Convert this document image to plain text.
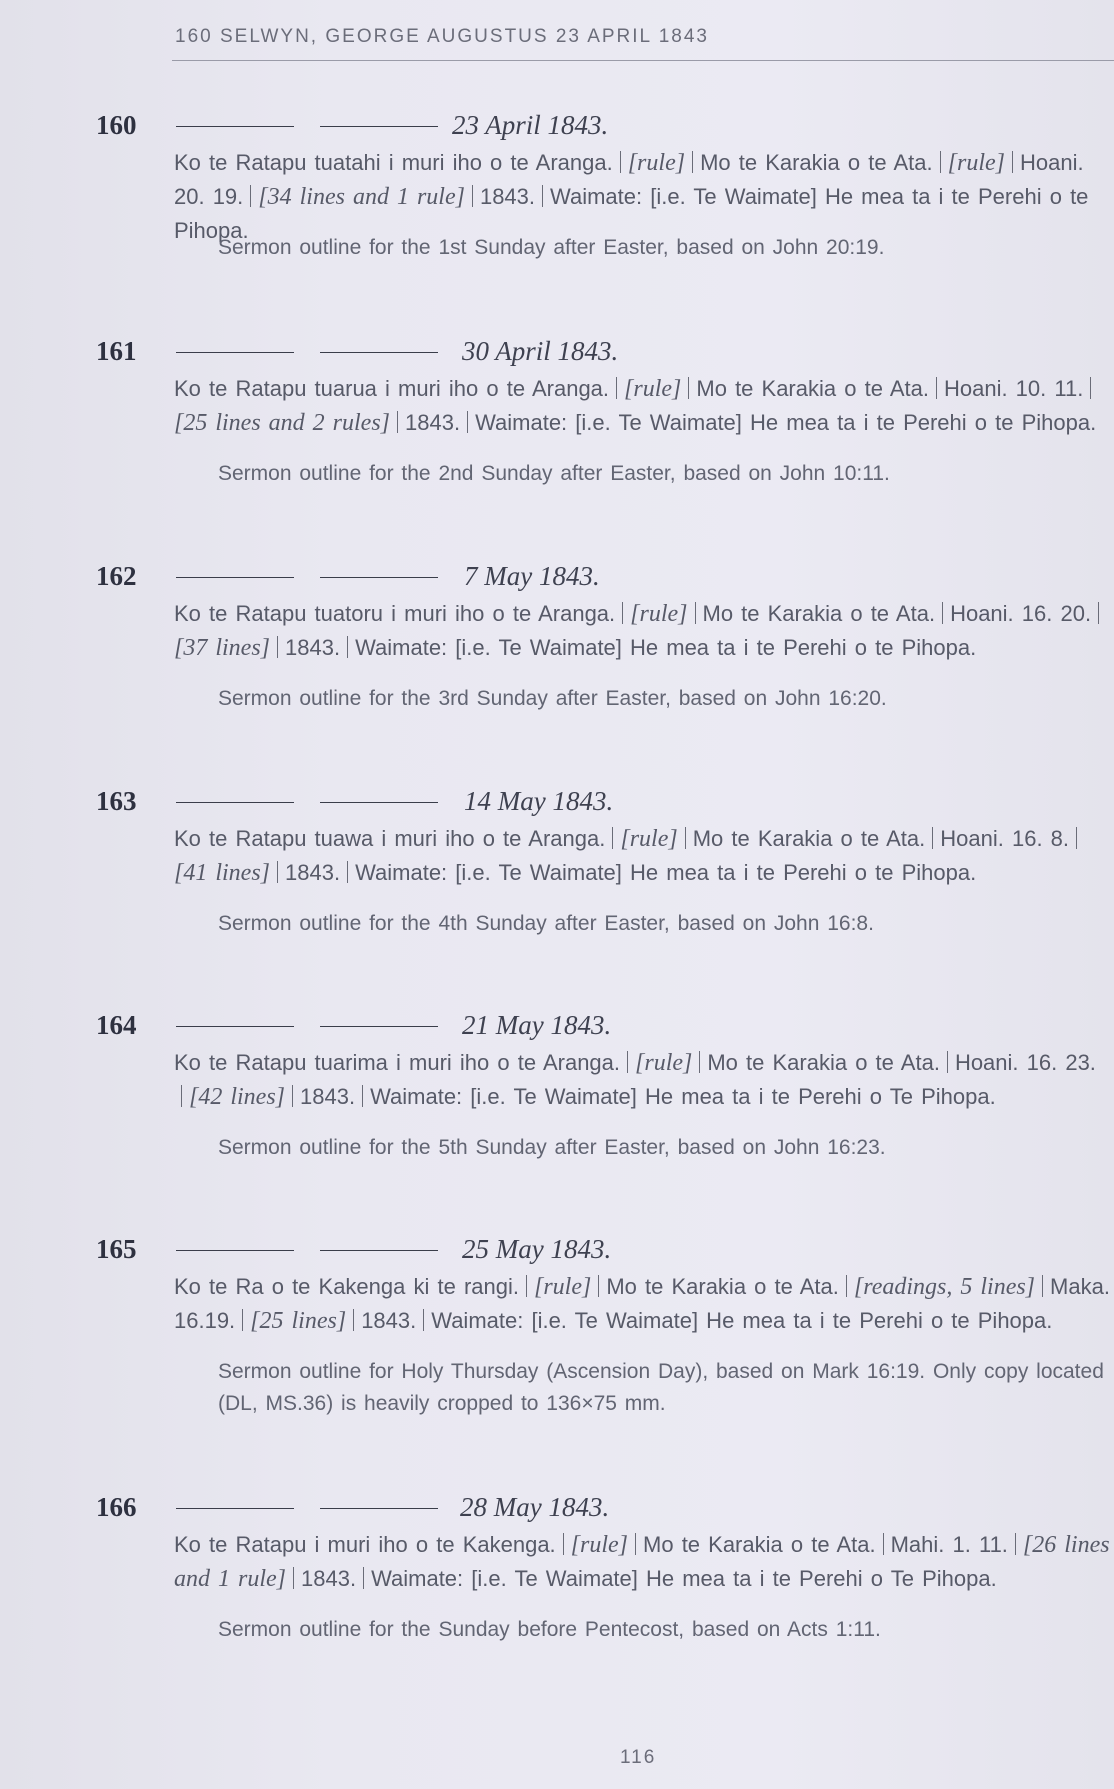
160 SELWYN, GEORGE AUGUSTUS 23 APRIL 1843
160	23 April 1843.
Ko te Ratapu tuatahi i muri iho o te Aranga. [rule] Mo te Karakia o te Ata. [rule] Hoani. 20. 19. [34 lines and 1 rule] 1843. Waimate: [i.e. Te Waimate] He mea ta i te Perehi o te Pihopa.
Sermon outline for the 1st Sunday after Easter, based on John 20:19.
161	30 April 1843.
Ko te Ratapu tuarua i muri iho o te Aranga. [rule] Mo te Karakia o te Ata. Hoani. 10. 11.[25 lines and 2 rules] 1843. Waimate: [i.e. Te Waimate] He mea ta i te Perehi o te Pihopa.
Sermon outline for the 2nd Sunday after Easter, based on John 10:11.
162	7 May 1843.
Ko te Ratapu tuatoru i muri iho o te Aranga. [rule] Mo te Karakia o te Ata. Hoani. 16. 20.[37 lines] 1843. Waimate: [i.e. Te Waimate] He mea ta i te Perehi o te Pihopa.
Sermon outline for the 3rd Sunday after Easter, based on John 16:20.
163	14 May 1843.
Ko te Ratapu tuawa i muri iho o te Aranga. [rule] Mo te Karakia o te Ata. Hoani. 16. 8.[41 lines] 1843. Waimate: [i.e. Te Waimate] He mea ta i te Perehi o te Pihopa.
Sermon outline for the 4th Sunday after Easter, based on John 16:8.
164	21 May 1843.
Ko te Ratapu tuarima i muri iho o te Aranga. [rule] Mo te Karakia o te Ata. Hoani. 16. 23.[42 lines] 1843. Waimate: [i.e. Te Waimate] He mea ta i te Perehi o Te Pihopa.
Sermon outline for the 5th Sunday after Easter, based on John 16:23.
165	25 May 1843.
Ko te Ra o te Kakenga ki te rangi. [rule] Mo te Karakia o te Ata. [readings, 5 lines] Maka. 16.19. [25 lines] 1843. Waimate: [i.e. Te Waimate] He mea ta i te Perehi o te Pihopa.
Sermon outline for Holy Thursday (Ascension Day), based on Mark 16:19. Only copy located (DL, MS.36) is heavily cropped to 136×75 mm.
166	28 May 1843.
Ko te Ratapu i muri iho o te Kakenga. [rule] Mo te Karakia o te Ata. Mahi. 1. 11. [26 lines and 1 rule] 1843. Waimate: [i.e. Te Waimate] He mea ta i te Perehi o Te Pihopa.
Sermon outline for the Sunday before Pentecost, based on Acts 1:11.
116
